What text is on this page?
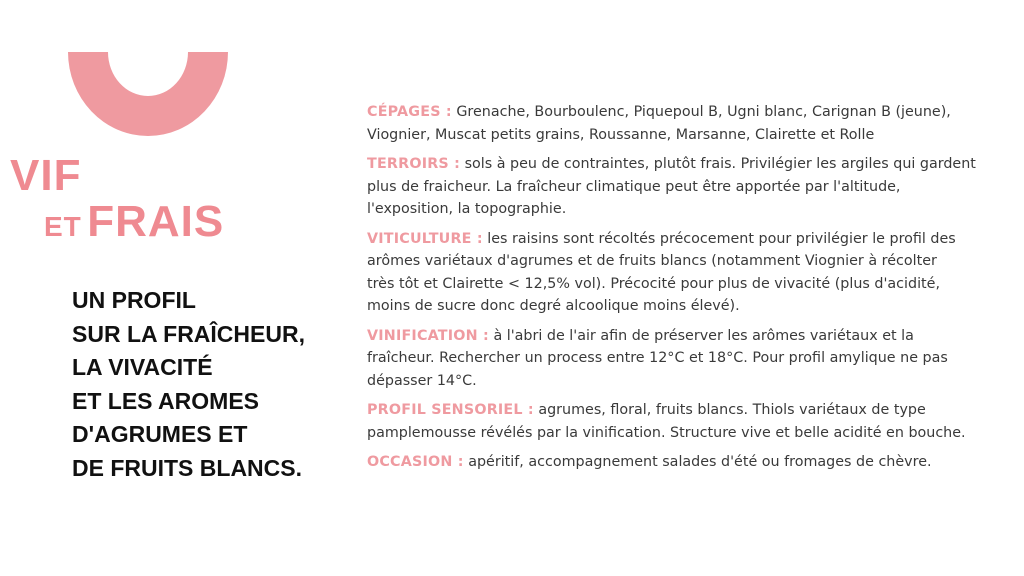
VIF
ET FRAIS
UN PROFIL
SUR LA FRAÎCHEUR,
LA VIVACITÉ
ET LES AROMES
D'AGRUMES ET
DE FRUITS BLANCS.

CÉPAGES : Grenache, Bourboulenc, Piquepoul B, Ugni blanc, Carignan B (jeune),
Viognier, Muscat petits grains, Roussanne, Marsanne, Clairette et Rolle

TERROIRS : sols à peu de contraintes, plutôt frais. Privilégier les argiles qui gardent
plus de fraicheur. La fraîcheur climatique peut être apportée par l'altitude,
l'exposition, la topographie.

VITICULTURE : les raisins sont récoltés précocement pour privilégier le profil des
arômes variétaux d'agrumes et de fruits blancs (notamment Viognier à récolter
très tôt et Clairette < 12,5% vol). Précocité pour plus de vivacité (plus d'acidité,
moins de sucre donc degré alcoolique moins élevé).

VINIFICATION : à l'abri de l'air afin de préserver les arômes variétaux et la
fraîcheur. Rechercher un process entre 12°C et 18°C. Pour profil amylique ne pas
dépasser 14°C.

PROFIL SENSORIEL : agrumes, floral, fruits blancs. Thiols variétaux de type
pamplemousse révélés par la vinification. Structure vive et belle acidité en bouche.

OCCASION : apéritif, accompagnement salades d'été ou fromages de chèvre.
